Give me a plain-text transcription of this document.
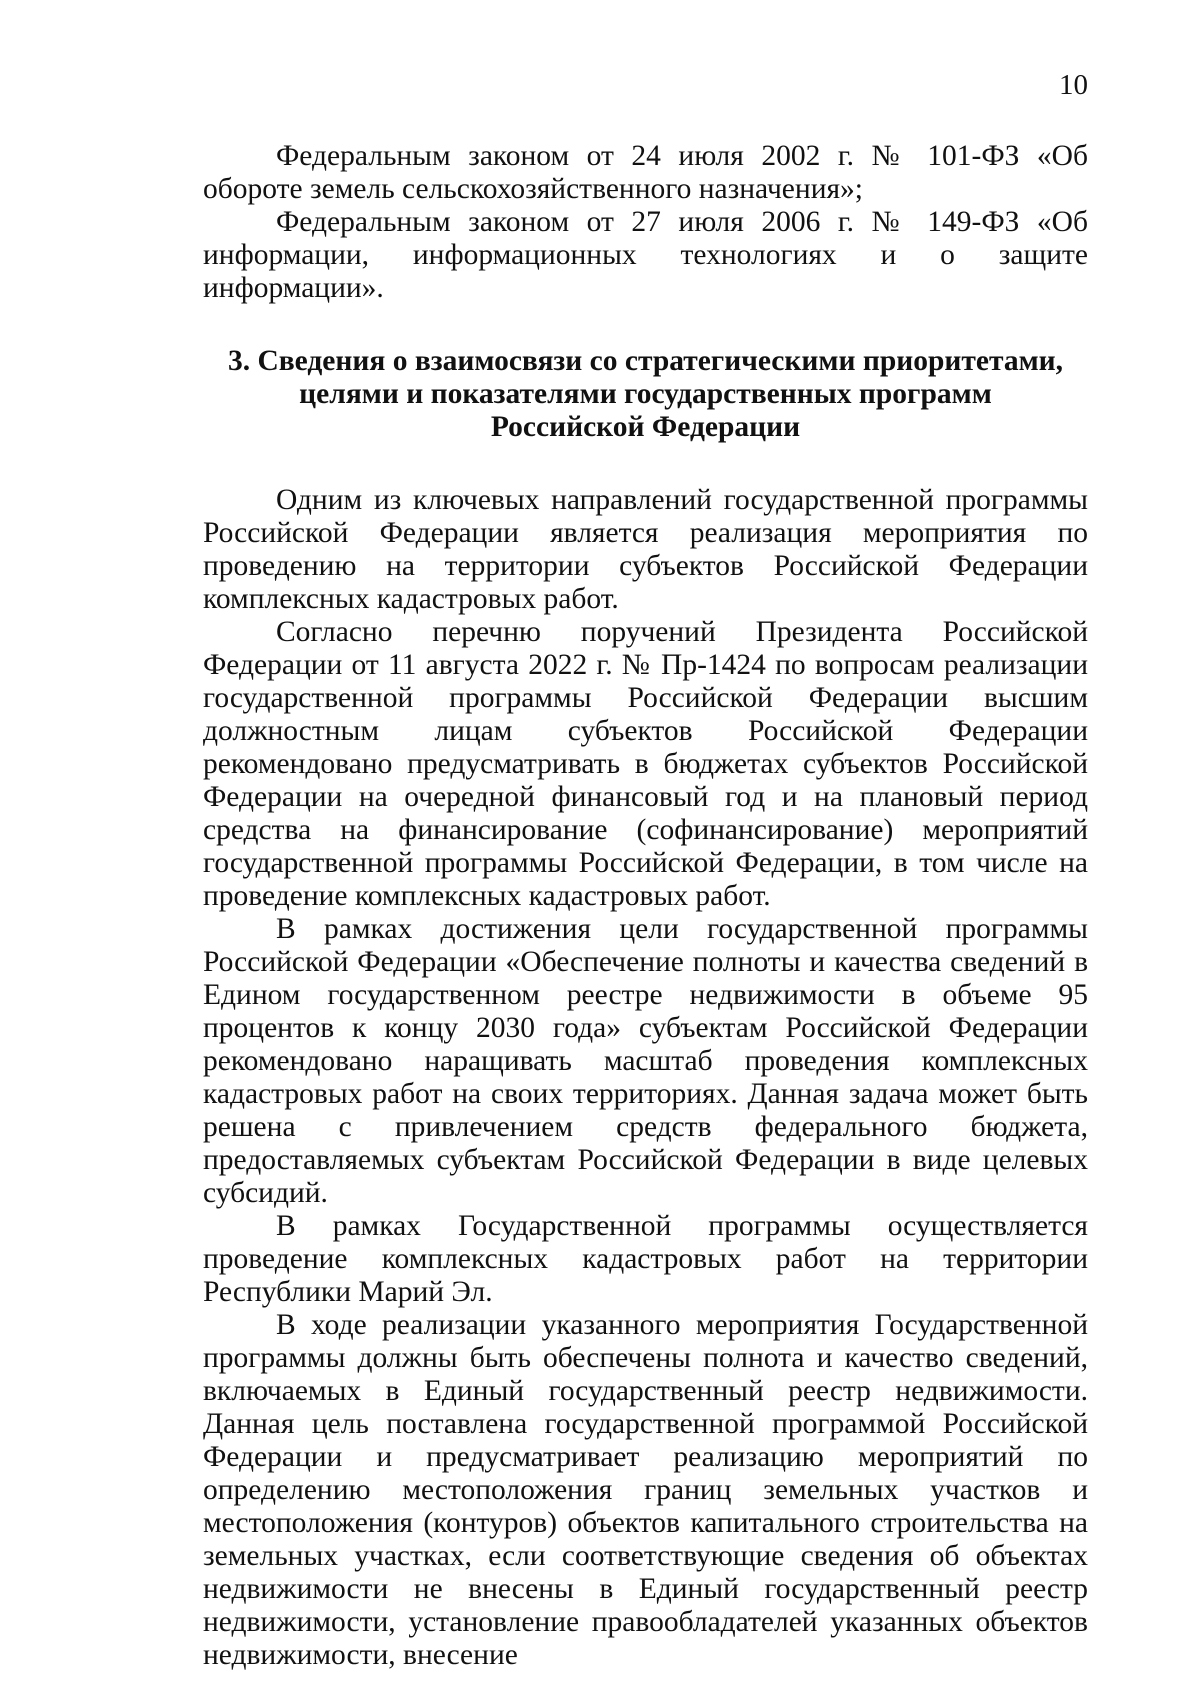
10

Федеральным законом от 24 июля 2002 г. № 101-ФЗ «Об обороте земель сельскохозяйственного назначения»;

Федеральным законом от 27 июля 2006 г. № 149-ФЗ «Об информации, информационных технологиях и о защите информации».

3. Сведения о взаимосвязи со стратегическими приоритетами,
целями и показателями государственных программ
Российской Федерации

Одним из ключевых направлений государственной программы Российской Федерации является реализация мероприятия по проведению на территории субъектов Российской Федерации комплексных кадастровых работ.

Согласно перечню поручений Президента Российской Федерации от 11 августа 2022 г. № Пр-1424 по вопросам реализации государственной программы Российской Федерации высшим должностным лицам субъектов Российской Федерации рекомендовано предусматривать в бюджетах субъектов Российской Федерации на очередной финансовый год и на плановый период средства на финансирование (софинансирование) мероприятий государственной программы Российской Федерации, в том числе на проведение комплексных кадастровых работ.

В рамках достижения цели государственной программы Российской Федерации «Обеспечение полноты и качества сведений в Едином государственном реестре недвижимости в объеме 95 процентов к концу 2030 года» субъектам Российской Федерации рекомендовано наращивать масштаб проведения комплексных кадастровых работ на своих территориях. Данная задача может быть решена с привлечением средств федерального бюджета, предоставляемых субъектам Российской Федерации в виде целевых субсидий.

В рамках Государственной программы осуществляется проведение комплексных кадастровых работ на территории Республики Марий Эл.

В ходе реализации указанного мероприятия Государственной программы должны быть обеспечены полнота и качество сведений, включаемых в Единый государственный реестр недвижимости. Данная цель поставлена государственной программой Российской Федерации и предусматривает реализацию мероприятий по определению местоположения границ земельных участков и местоположения (контуров) объектов капитального строительства на земельных участках, если соответствующие сведения об объектах недвижимости не внесены в Единый государственный реестр недвижимости, установление правообладателей указанных объектов недвижимости, внесение
